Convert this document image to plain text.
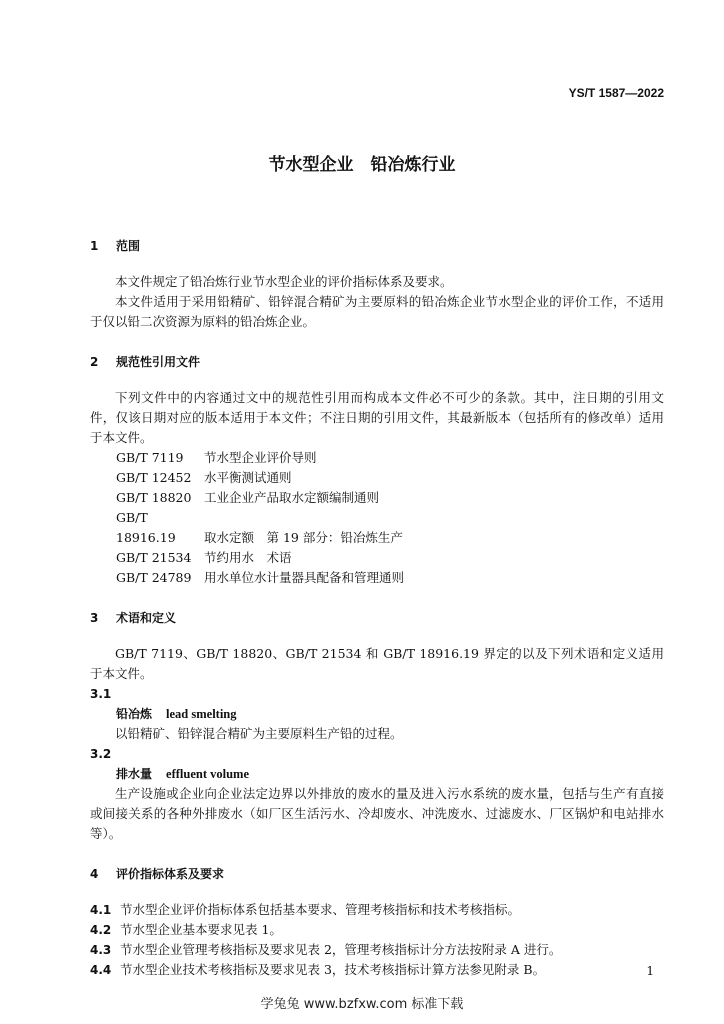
YS/T 1587—2022
节水型企业　铅冶炼行业
1 范围
本文件规定了铅冶炼行业节水型企业的评价指标体系及要求。
本文件适用于采用铅精矿、铅锌混合精矿为主要原料的铅冶炼企业节水型企业的评价工作，不适用于仅以铅二次资源为原料的铅冶炼企业。
2 规范性引用文件
下列文件中的内容通过文中的规范性引用而构成本文件必不可少的条款。其中，注日期的引用文件，仅该日期对应的版本适用于本文件；不注日期的引用文件，其最新版本（包括所有的修改单）适用于本文件。
GB/T 7119 节水型企业评价导则
GB/T 12452 水平衡测试通则
GB/T 18820 工业企业产品取水定额编制通则
GB/T 18916.19 取水定额　第 19 部分：铅冶炼生产
GB/T 21534 节约用水　术语
GB/T 24789 用水单位水计量器具配备和管理通则
3 术语和定义
GB/T 7119、GB/T 18820、GB/T 21534 和 GB/T 18916.19 界定的以及下列术语和定义适用于本文件。
3.1
铅冶炼 lead smelting
以铅精矿、铅锌混合精矿为主要原料生产铅的过程。
3.2
排水量 effluent volume
生产设施或企业向企业法定边界以外排放的废水的量及进入污水系统的废水量，包括与生产有直接或间接关系的各种外排废水（如厂区生活污水、冷却废水、冲洗废水、过滤废水、厂区锅炉和电站排水等）。
4 评价指标体系及要求
4.1 节水型企业评价指标体系包括基本要求、管理考核指标和技术考核指标。
4.2 节水型企业基本要求见表 1。
4.3 节水型企业管理考核指标及要求见表 2，管理考核指标计分方法按附录 A 进行。
4.4 节水型企业技术考核指标及要求见表 3，技术考核指标计算方法参见附录 B。	1
学兔兔 www.bzfxw.com 标准下载
